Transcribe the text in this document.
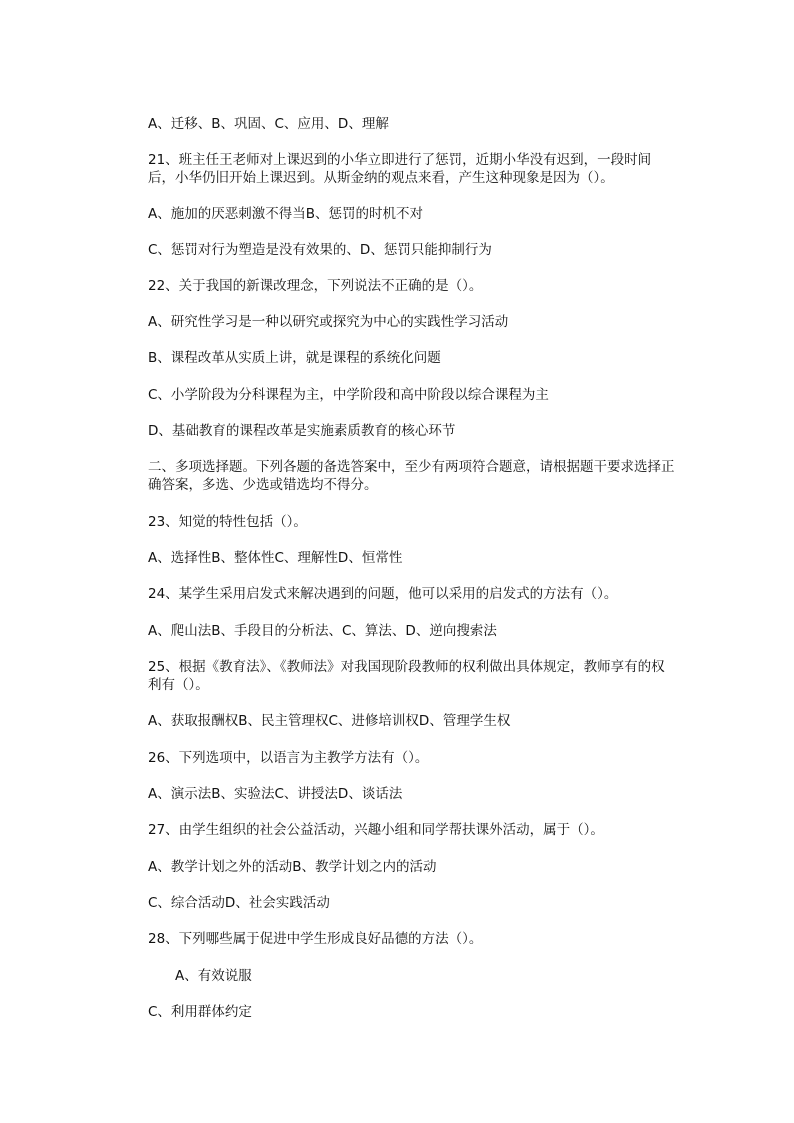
A、迁移、B、巩固、C、应用、D、理解
21、班主任王老师对上课迟到的小华立即进行了惩罚，近期小华没有迟到，一段时间后，小华仍旧开始上课迟到。从斯金纳的观点来看，产生这种现象是因为（）。
A、施加的厌恶刺激不得当B、惩罚的时机不对
C、惩罚对行为塑造是没有效果的、D、惩罚只能抑制行为
22、关于我国的新课改理念，下列说法不正确的是（）。
A、研究性学习是一种以研究或探究为中心的实践性学习活动
B、课程改革从实质上讲，就是课程的系统化问题
C、小学阶段为分科课程为主，中学阶段和高中阶段以综合课程为主
D、基础教育的课程改革是实施素质教育的核心环节
二、多项选择题。下列各题的备选答案中，至少有两项符合题意，请根据题干要求选择正确答案，多选、少选或错选均不得分。
23、知觉的特性包括（）。
A、选择性B、整体性C、理解性D、恒常性
24、某学生采用启发式来解决遇到的问题，他可以采用的启发式的方法有（）。
A、爬山法B、手段目的分析法、C、算法、D、逆向搜索法
25、根据《教育法》、《教师法》对我国现阶段教师的权利做出具体规定，教师享有的权利有（）。
A、获取报酬权B、民主管理权C、进修培训权D、管理学生权
26、下列选项中，以语言为主教学方法有（）。
A、演示法B、实验法C、讲授法D、谈话法
27、由学生组织的社会公益活动，兴趣小组和同学帮扶课外活动，属于（）。
A、教学计划之外的活动B、教学计划之内的活动
C、综合活动D、社会实践活动
28、下列哪些属于促进中学生形成良好品德的方法（）。
A、有效说服
C、利用群体约定
